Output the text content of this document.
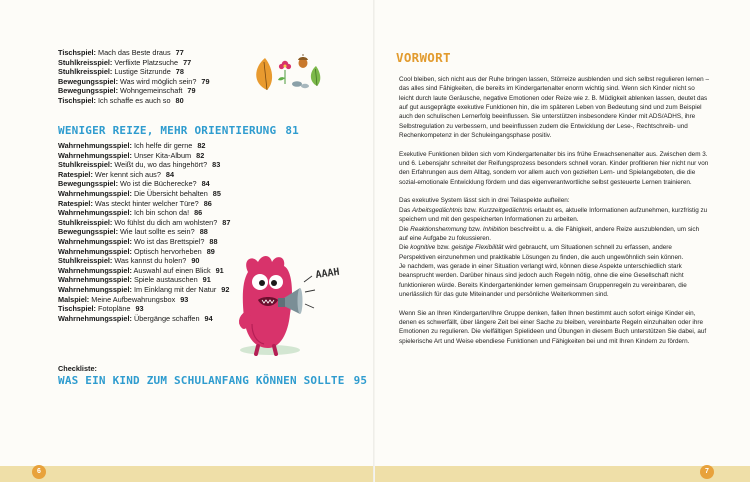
Tischspiel: Mach das Beste draus 77
Stuhlkreisspiel: Verflixte Platzsuche 77
Stuhlkreisspiel: Lustige Sitzrunde 78
Bewegungsspiel: Was wird möglich sein? 79
Bewegungsspiel: Wohngemeinschaft 79
Tischspiel: Ich schaffe es auch so 80
WENIGER REIZE, MEHR ORIENTIERUNG 81
Wahrnehmungsspiel: Ich helfe dir gerne 82
Wahrnehmungsspiel: Unser Kita-Album 82
Stuhlkreisspiel: Weißt du, wo das hingehört? 83
Ratespiel: Wer kennt sich aus? 84
Bewegungsspiel: Wo ist die Bücherecke? 84
Wahrnehmungsspiel: Die Übersicht behalten 85
Ratespiel: Was steckt hinter welcher Türe? 86
Wahrnehmungsspiel: Ich bin schon da! 86
Stuhlkreisspiel: Wo fühlst du dich am wohlsten? 87
Bewegungsspiel: Wie laut sollte es sein? 88
Wahrnehmungsspiel: Wo ist das Brettspiel? 88
Wahrnehmungsspiel: Optisch hervorheben 89
Stuhlkreisspiel: Was kannst du holen? 90
Wahrnehmungsspiel: Auswahl auf einen Blick 91
Wahrnehmungsspiel: Spiele austauschen 91
Wahrnehmungsspiel: Im Einklang mit der Natur 92
Malspiel: Meine Aufbewahrungsbox 93
Tischspiel: Fotopläne 93
Wahrnehmungsspiel: Übergänge schaffen 94
AAAH
Checkliste:
WAS EIN KIND ZUM SCHULANFANG KÖNNEN SOLLTE 95
6	7
VORWORT

Cool bleiben, sich nicht aus der Ruhe bringen lassen, Störreize ausblenden und sich selbst regulieren lernen – das alles sind Fähigkeiten, die bereits im Kindergartenalter enorm wichtig sind. Wenn sich Kinder nicht so leicht durch laute Geräusche, negative Emotionen oder Reize wie z. B. Müdigkeit ablenken lassen, deutet das auf gut ausgeprägte exekutive Funktionen hin, die im späteren Leben von Bedeutung sind und zum Beispiel auch den schulischen Lernerfolg beeinflussen. Sie unterstützen insbesondere Kinder mit ADS/ADHS, ihre Selbstregulation zu verbessern, und beeinflussen zudem die Entwicklung der Lese-, Rechtschreib- und Rechenkompetenz in der Schuleingangsphase positiv.

Exekutive Funktionen bilden sich vom Kindergartenalter bis ins frühe Erwachsenenalter aus. Zwischen dem 3. und 6. Lebensjahr schreitet der Reifungsprozess besonders schnell voran. Kinder profitieren hier nicht nur von den Erfahrungen aus dem Alltag, sondern vor allem auch von gezielten Lern- und Spielangeboten, die die sozial-emotionale Entwicklung fördern und das eigenverantwortliche selbst gesteuerte Lernen trainieren.

Das exekutive System lässt sich in drei Teilaspekte aufteilen:

Das Arbeitsgedächtnis bzw. Kurzzeitgedächtnis erlaubt es, aktuelle Informationen aufzunehmen, kurzfristig zu speichern und mit den gespeicherten Informationen zu arbeiten.

Die Reaktionshemmung bzw. Inhibition beschreibt u. a. die Fähigkeit, andere Reize auszublenden, um sich auf eine Aufgabe zu fokussieren.

Die kognitive bzw. geistige Flexibilität wird gebraucht, um Situationen schnell zu erfassen, andere Perspektiven einzunehmen und praktikable Lösungen zu finden, die auch ungewöhnlich sein können.

Je nachdem, was gerade in einer Situation verlangt wird, können diese Aspekte unterschiedlich stark beansprucht werden. Darüber hinaus sind jedoch auch Regeln nötig, ohne die eine Gesellschaft nicht funktionieren würde. Bereits Kindergartenkinder lernen gemeinsam Gruppenregeln zu vereinbaren, die unerlässlich für das gute Miteinander und persönliche Weiterkommen sind.

Wenn Sie an Ihren Kindergarten/Ihre Gruppe denken, fallen Ihnen bestimmt auch sofort einige Kinder ein, denen es schwerfällt, über längere Zeit bei einer Sache zu bleiben, vereinbarte Regeln einzuhalten oder ihre Emotionen zu regulieren. Die vielfältigen Spielideen und Übungen in diesem Buch unterstützen Sie dabei, auf spielerische Art und Weise ebendiese Funktionen und Fähigkeiten bei und mit Ihren Kindern zu fördern.
